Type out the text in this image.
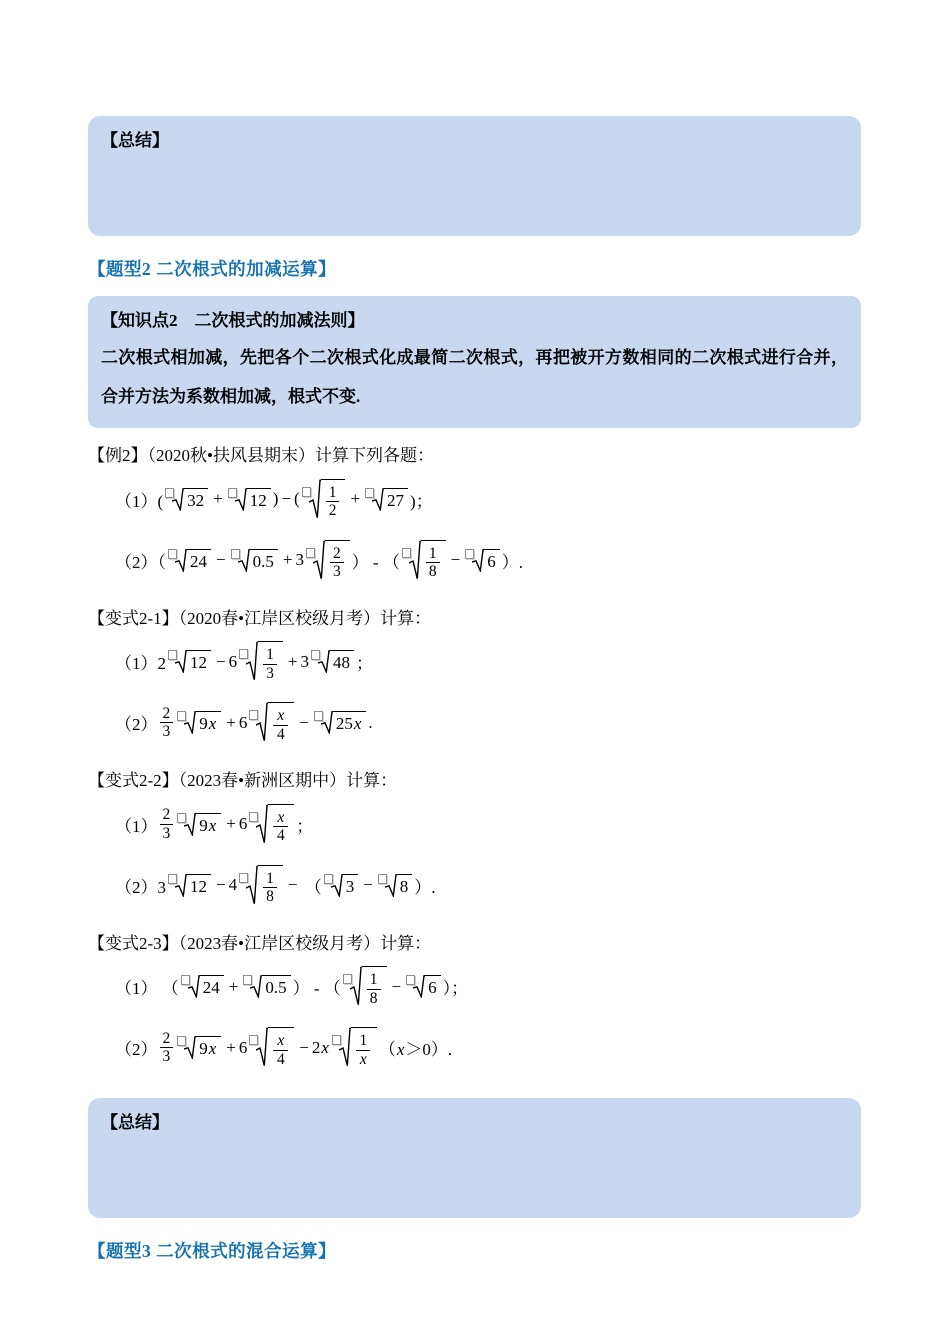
【总结】
【题型2 二次根式的加减运算】
【知识点2　二次根式的加减法则】
二次根式相加减，先把各个二次根式化成最简二次根式，再把被开方数相同的二次根式进行合并，合并方法为系数相加减，根式不变.
【例2】（2020秋•扶风县期末）计算下列各题：
（1）( 32 + 12 ) − ( $\frac{1}{2} + 27$ )；
（2）（ $24 - 0.5 + 3 \frac{2}{3}$ ） - （ $\frac{1}{8} - 6$ ）.
【变式2-1】（2020春•江岸区校级月考）计算：
（1）2 $12 - 6 \frac{1}{3} + 3$ 48 ；
$(2) \frac{2}{3} 9$ $x + 6 \frac{x}{4} - 25$ x .
【变式2-2】（2023春•新洲区期中）计算：
$(1) \frac{2}{3} 9$ $x + 6 \frac{x}{4}$ ；
（2）3 $12 - 4 \frac{1}{8}$ − （ 3 − 8 ）.
【变式2-3】（2023春•江岸区校级月考）计算：
（1） （ 24 + 0.5 ） - （ $\frac{1}{8} - 6$ ）；
$(2) \frac{2}{3} 9$ $x + 6 \frac{x}{4} - 2x \frac{1}{x} (x>0)$.
【总结】
【题型3 二次根式的混合运算】
